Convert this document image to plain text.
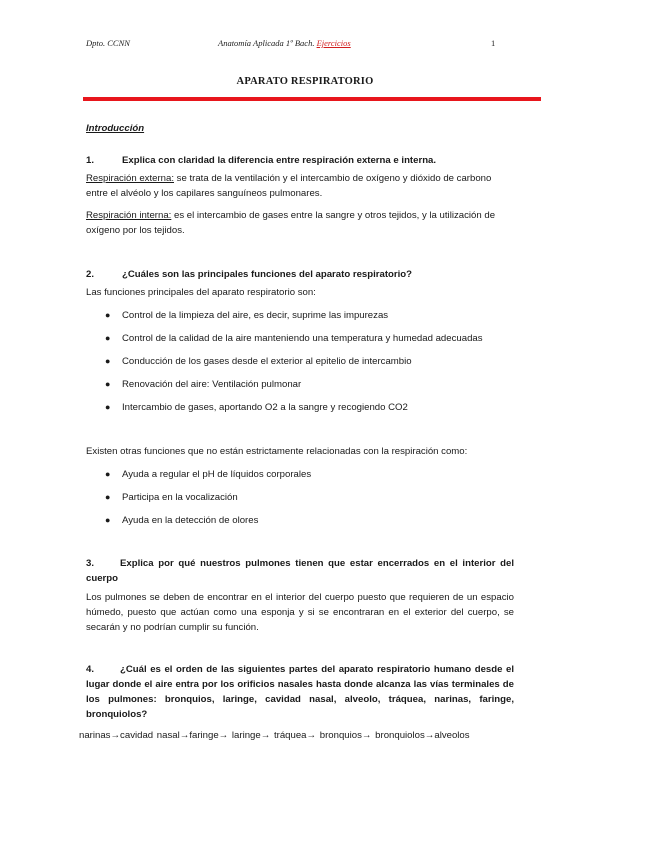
Dpto. CCNN	Anatomía Aplicada 1º Bach. Ejercicios	1
APARATO RESPIRATORIO

Introducción

1.	Explica con claridad la diferencia entre respiración externa e interna.

Respiración externa: se trata de la ventilación y el intercambio de oxígeno y dióxido de carbono entre el alvéolo y los capilares sanguíneos pulmonares.

Respiración interna: es el intercambio de gases entre la sangre y otros tejidos, y la utilización de oxígeno por los tejidos.

2.	¿Cuáles son las principales funciones del aparato respiratorio?

Las funciones principales del aparato respiratorio son:

● Control de la limpieza del aire, es decir, suprime las impurezas
● Control de la calidad de la aire manteniendo una temperatura y humedad adecuadas
● Conducción de los gases desde el exterior al epitelio de intercambio
● Renovación del aire: Ventilación pulmonar
● Intercambio de gases, aportando O2 a la sangre y recogiendo CO2

Existen otras funciones que no están estrictamente relacionadas con la respiración como:

● Ayuda a regular el pH de líquidos corporales
● Participa en la vocalización
● Ayuda en la detección de olores

3.	Explica por qué nuestros pulmones tienen que estar encerrados en el interior del cuerpo

Los pulmones se deben de encontrar en el interior del cuerpo puesto que requieren de un espacio húmedo, puesto que actúan como una esponja y si se encontraran en el exterior del cuerpo, se secarán y no podrían cumplir su función.

4.	¿Cuál es el orden de las siguientes partes del aparato respiratorio humano desde el lugar donde el aire entra por los orificios nasales hasta donde alcanza las vías terminales de los pulmones: bronquios, laringe, cavidad nasal, alveolo, tráquea, narinas, faringe, bronquiolos?

narinas→cavidad nasal→faringe→ laringe→ tráquea→ bronquios→ bronquiolos→alveolos
